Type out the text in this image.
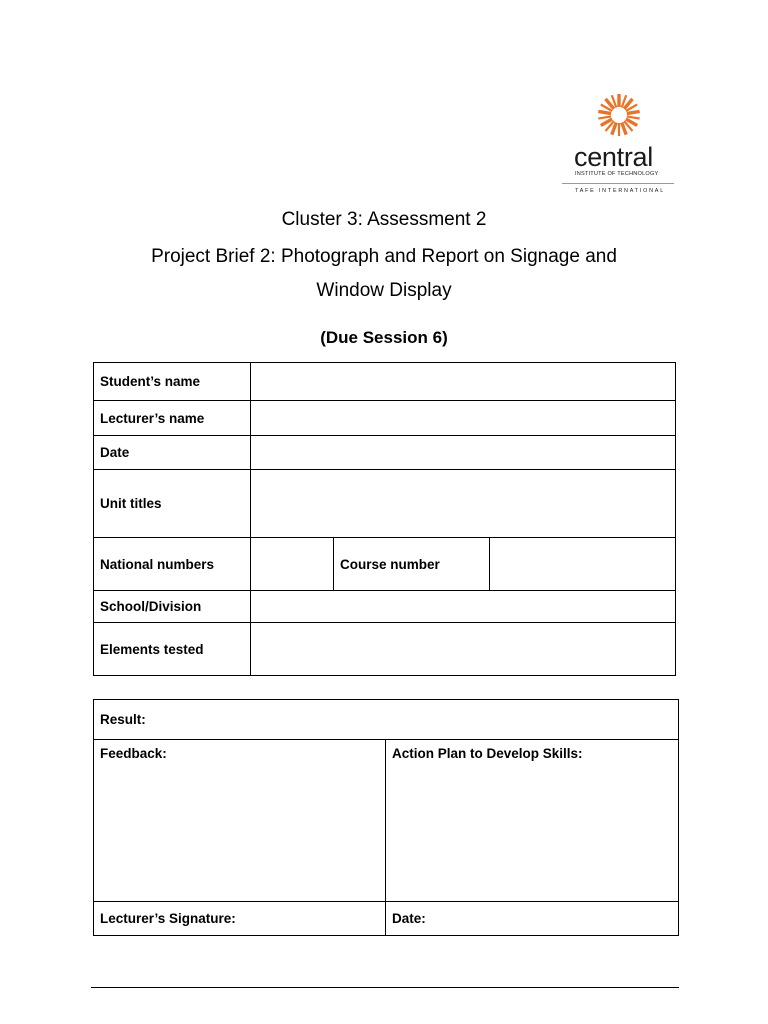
central
INSTITUTE OF TECHNOLOGY
TAFE INTERNATIONAL
Cluster 3: Assessment 2
Project Brief 2: Photograph and Report on Signage and
Window Display
(Due Session 6)
Student’s name			
Lecturer’s name			
Date			
Unit titles			
National numbers		Course number	
School/Division			
Elements tested			
Result:	
Feedback:	Action Plan to Develop Skills:
Lecturer’s Signature:	Date:
